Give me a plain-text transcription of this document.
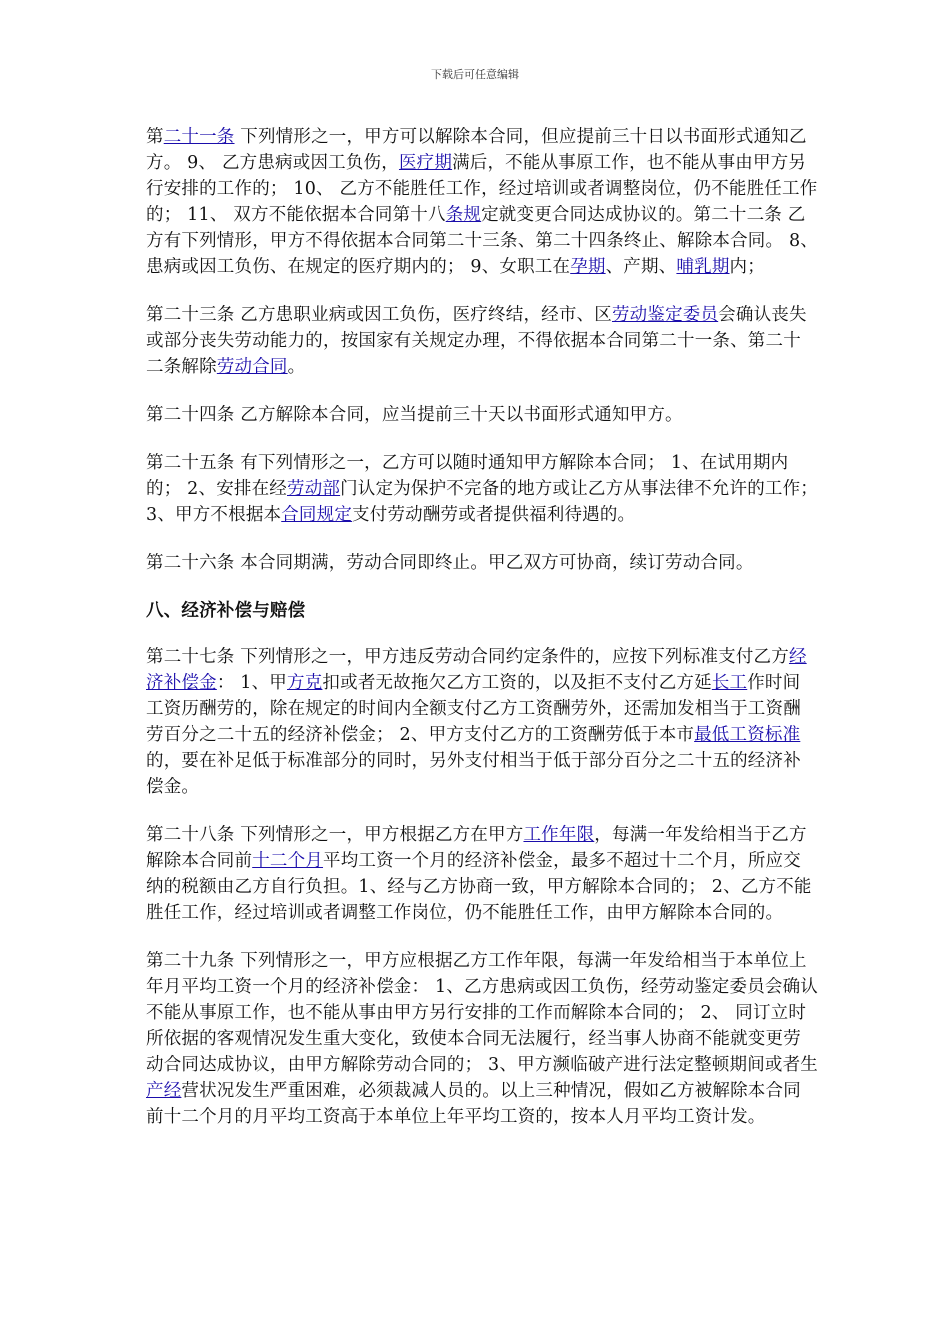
下载后可任意编辑

第二十一条 下列情形之一，甲方可以解除本合同，但应提前三十日以书面形式通知乙方。 9、 乙方患病或因工负伤，医疗期满后，不能从事原工作，也不能从事由甲方另行安排的工作的； 10、 乙方不能胜任工作，经过培训或者调整岗位，仍不能胜任工作的； 11、 双方不能依据本合同第十八条规定就变更合同达成协议的。第二十二条 乙方有下列情形，甲方不得依据本合同第二十三条、第二十四条终止、解除本合同。 8、 患病或因工负伤、在规定的医疗期内的； 9、女职工在孕期、产期、哺乳期内；

第二十三条 乙方患职业病或因工负伤，医疗终结，经市、区劳动鉴定委员会确认丧失或部分丧失劳动能力的，按国家有关规定办理，不得依据本合同第二十一条、第二十二条解除劳动合同。

第二十四条 乙方解除本合同，应当提前三十天以书面形式通知甲方。

第二十五条 有下列情形之一，乙方可以随时通知甲方解除本合同； 1、在试用期内的； 2、安排在经劳动部门认定为保护不完备的地方或让乙方从事法律不允许的工作； 3、甲方不根据本合同规定支付劳动酬劳或者提供福利待遇的。

第二十六条 本合同期满，劳动合同即终止。甲乙双方可协商，续订劳动合同。

八、经济补偿与赔偿

第二十七条 下列情形之一，甲方违反劳动合同约定条件的，应按下列标准支付乙方经济补偿金： 1、甲方克扣或者无故拖欠乙方工资的，以及拒不支付乙方延长工作时间工资历酬劳的，除在规定的时间内全额支付乙方工资酬劳外，还需加发相当于工资酬劳百分之二十五的经济补偿金； 2、甲方支付乙方的工资酬劳低于本市最低工资标准的，要在补足低于标准部分的同时，另外支付相当于低于部分百分之二十五的经济补偿金。

第二十八条 下列情形之一，甲方根据乙方在甲方工作年限，每满一年发给相当于乙方解除本合同前十二个月平均工资一个月的经济补偿金，最多不超过十二个月，所应交纳的税额由乙方自行负担。1、经与乙方协商一致，甲方解除本合同的； 2、乙方不能胜任工作，经过培训或者调整工作岗位，仍不能胜任工作，由甲方解除本合同的。

第二十九条 下列情形之一，甲方应根据乙方工作年限，每满一年发给相当于本单位上年月平均工资一个月的经济补偿金： 1、乙方患病或因工负伤，经劳动鉴定委员会确认不能从事原工作，也不能从事由甲方另行安排的工作而解除本合同的； 2、 同订立时所依据的客观情况发生重大变化，致使本合同无法履行，经当事人协商不能就变更劳动合同达成协议，由甲方解除劳动合同的； 3、甲方濒临破产进行法定整顿期间或者生产经营状况发生严重困难，必须裁减人员的。以上三种情况，假如乙方被解除本合同前十二个月的月平均工资高于本单位上年平均工资的，按本人月平均工资计发。
